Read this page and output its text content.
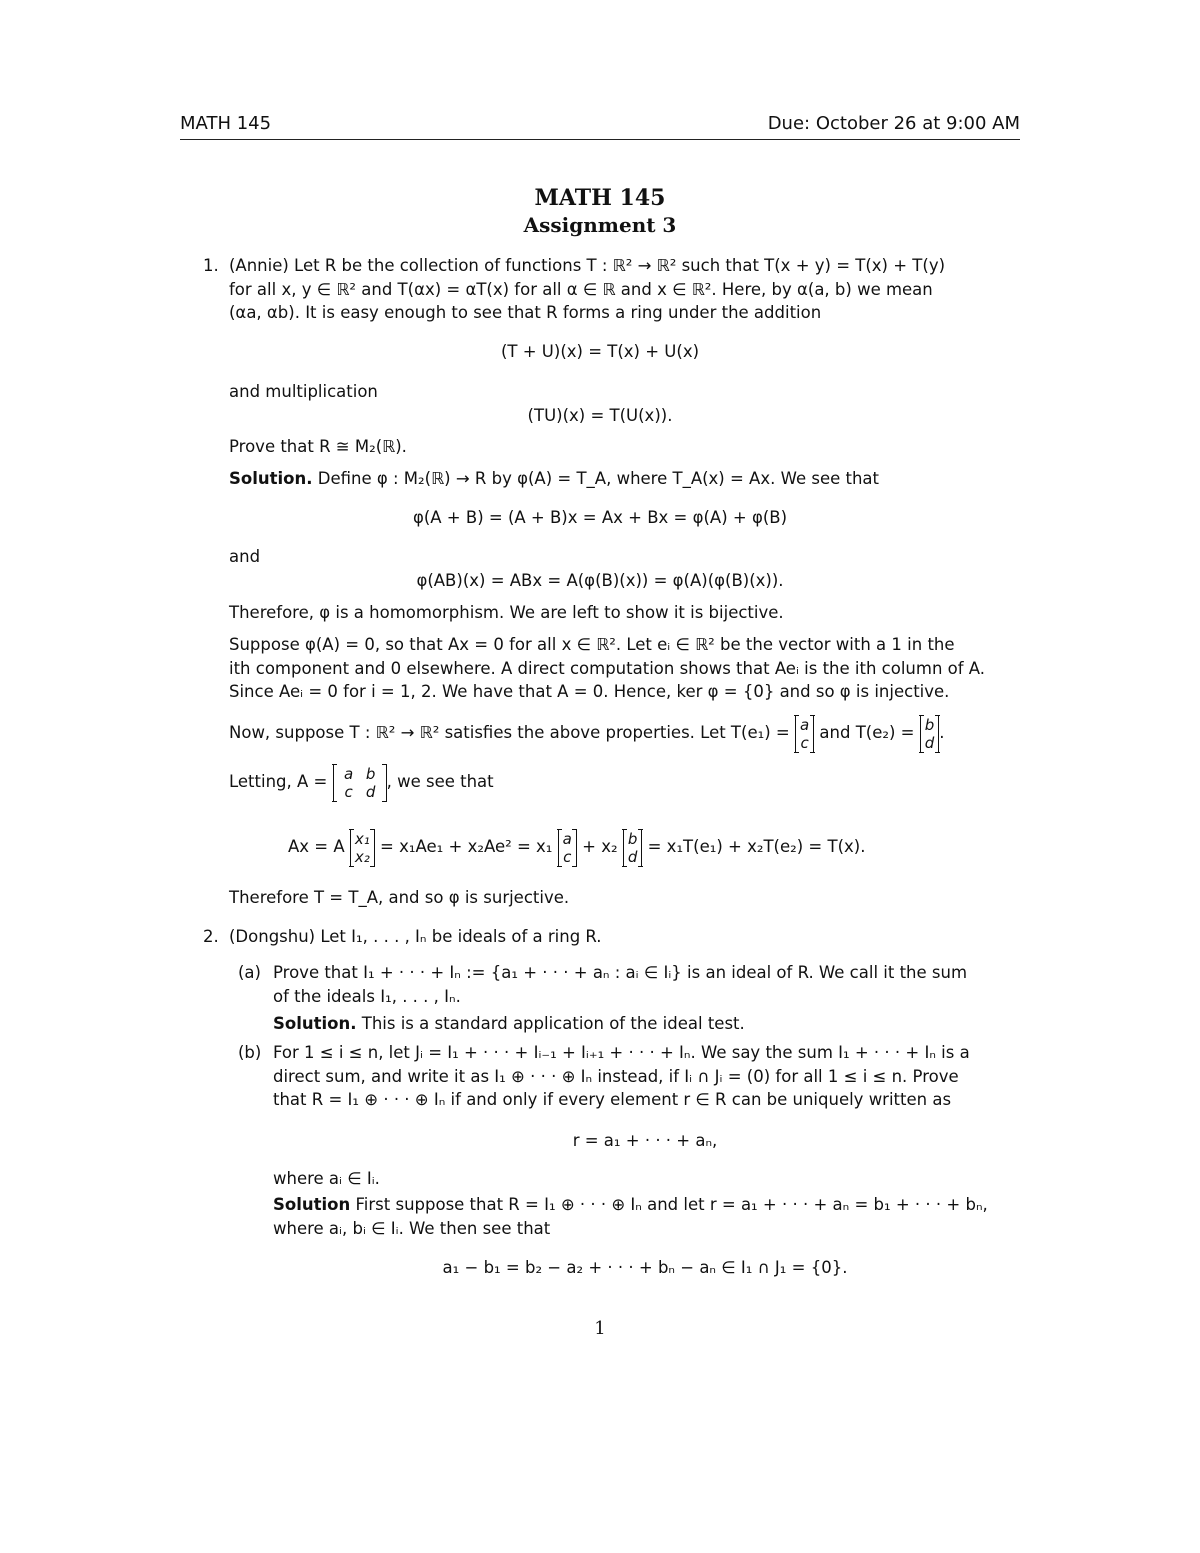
MATH 145	Due: October 26 at 9:00 AM
MATH 145
Assignment 3
1. (Annie) Let R be the collection of functions T : ℝ² → ℝ² such that T(x + y) = T(x) + T(y)
for all x, y ∈ ℝ² and T(αx) = αT(x) for all α ∈ ℝ and x ∈ ℝ². Here, by α(a, b) we mean
(αa, αb). It is easy enough to see that R forms a ring under the addition
(T + U)(x) = T(x) + U(x)
and multiplication
(TU)(x) = T(U(x)).
Prove that R ≅ M₂(ℝ).
Solution. Define φ : M₂(ℝ) → R by φ(A) = T_A, where T_A(x) = Ax. We see that
φ(A + B) = (A + B)x = Ax + Bx = φ(A) + φ(B)
and
φ(AB)(x) = ABx = A(φ(B)(x)) = φ(A)(φ(B)(x)).
Therefore, φ is a homomorphism. We are left to show it is bijective.
Suppose φ(A) = 0, so that Ax = 0 for all x ∈ ℝ². Let eᵢ ∈ ℝ² be the vector with a 1 in the
ith component and 0 elsewhere. A direct computation shows that Aeᵢ is the ith column of A.
Since Aeᵢ = 0 for i = 1, 2. We have that A = 0. Hence, ker φ = {0} and so φ is injective.
Now, suppose T : ℝ² → ℝ² satisfies the above properties. Let T(e₁) = a
c
and T(e₂) = b
d
.
Letting, A =	a b
c d
, we see that
Ax = A x₁
x₂
= x₁Ae₁ + x₂Ae² = x₁ a
c
+ x₂ b
d
= x₁T(e₁) + x₂T(e₂) = T(x).
Therefore T = T_A, and so φ is surjective.
2. (Dongshu) Let I₁, . . . , Iₙ be ideals of a ring R.
(a) Prove that I₁ + · · · + Iₙ := {a₁ + · · · + aₙ : aᵢ ∈ Iᵢ} is an ideal of R. We call it the sum
of the ideals I₁, . . . , Iₙ.
Solution. This is a standard application of the ideal test.
(b) For 1 ≤ i ≤ n, let Jᵢ = I₁ + · · · + Iᵢ₋₁ + Iᵢ₊₁ + · · · + Iₙ. We say the sum I₁ + · · · + Iₙ is a
direct sum, and write it as I₁ ⊕ · · · ⊕ Iₙ instead, if Iᵢ ∩ Jᵢ = (0) for all 1 ≤ i ≤ n. Prove
that R = I₁ ⊕ · · · ⊕ Iₙ if and only if every element r ∈ R can be uniquely written as
r = a₁ + · · · + aₙ,
where aᵢ ∈ Iᵢ.
Solution First suppose that R = I₁ ⊕ · · · ⊕ Iₙ and let r = a₁ + · · · + aₙ = b₁ + · · · + bₙ,
where aᵢ, bᵢ ∈ Iᵢ. We then see that
a₁ − b₁ = b₂ − a₂ + · · · + bₙ − aₙ ∈ I₁ ∩ J₁ = {0}.
1
